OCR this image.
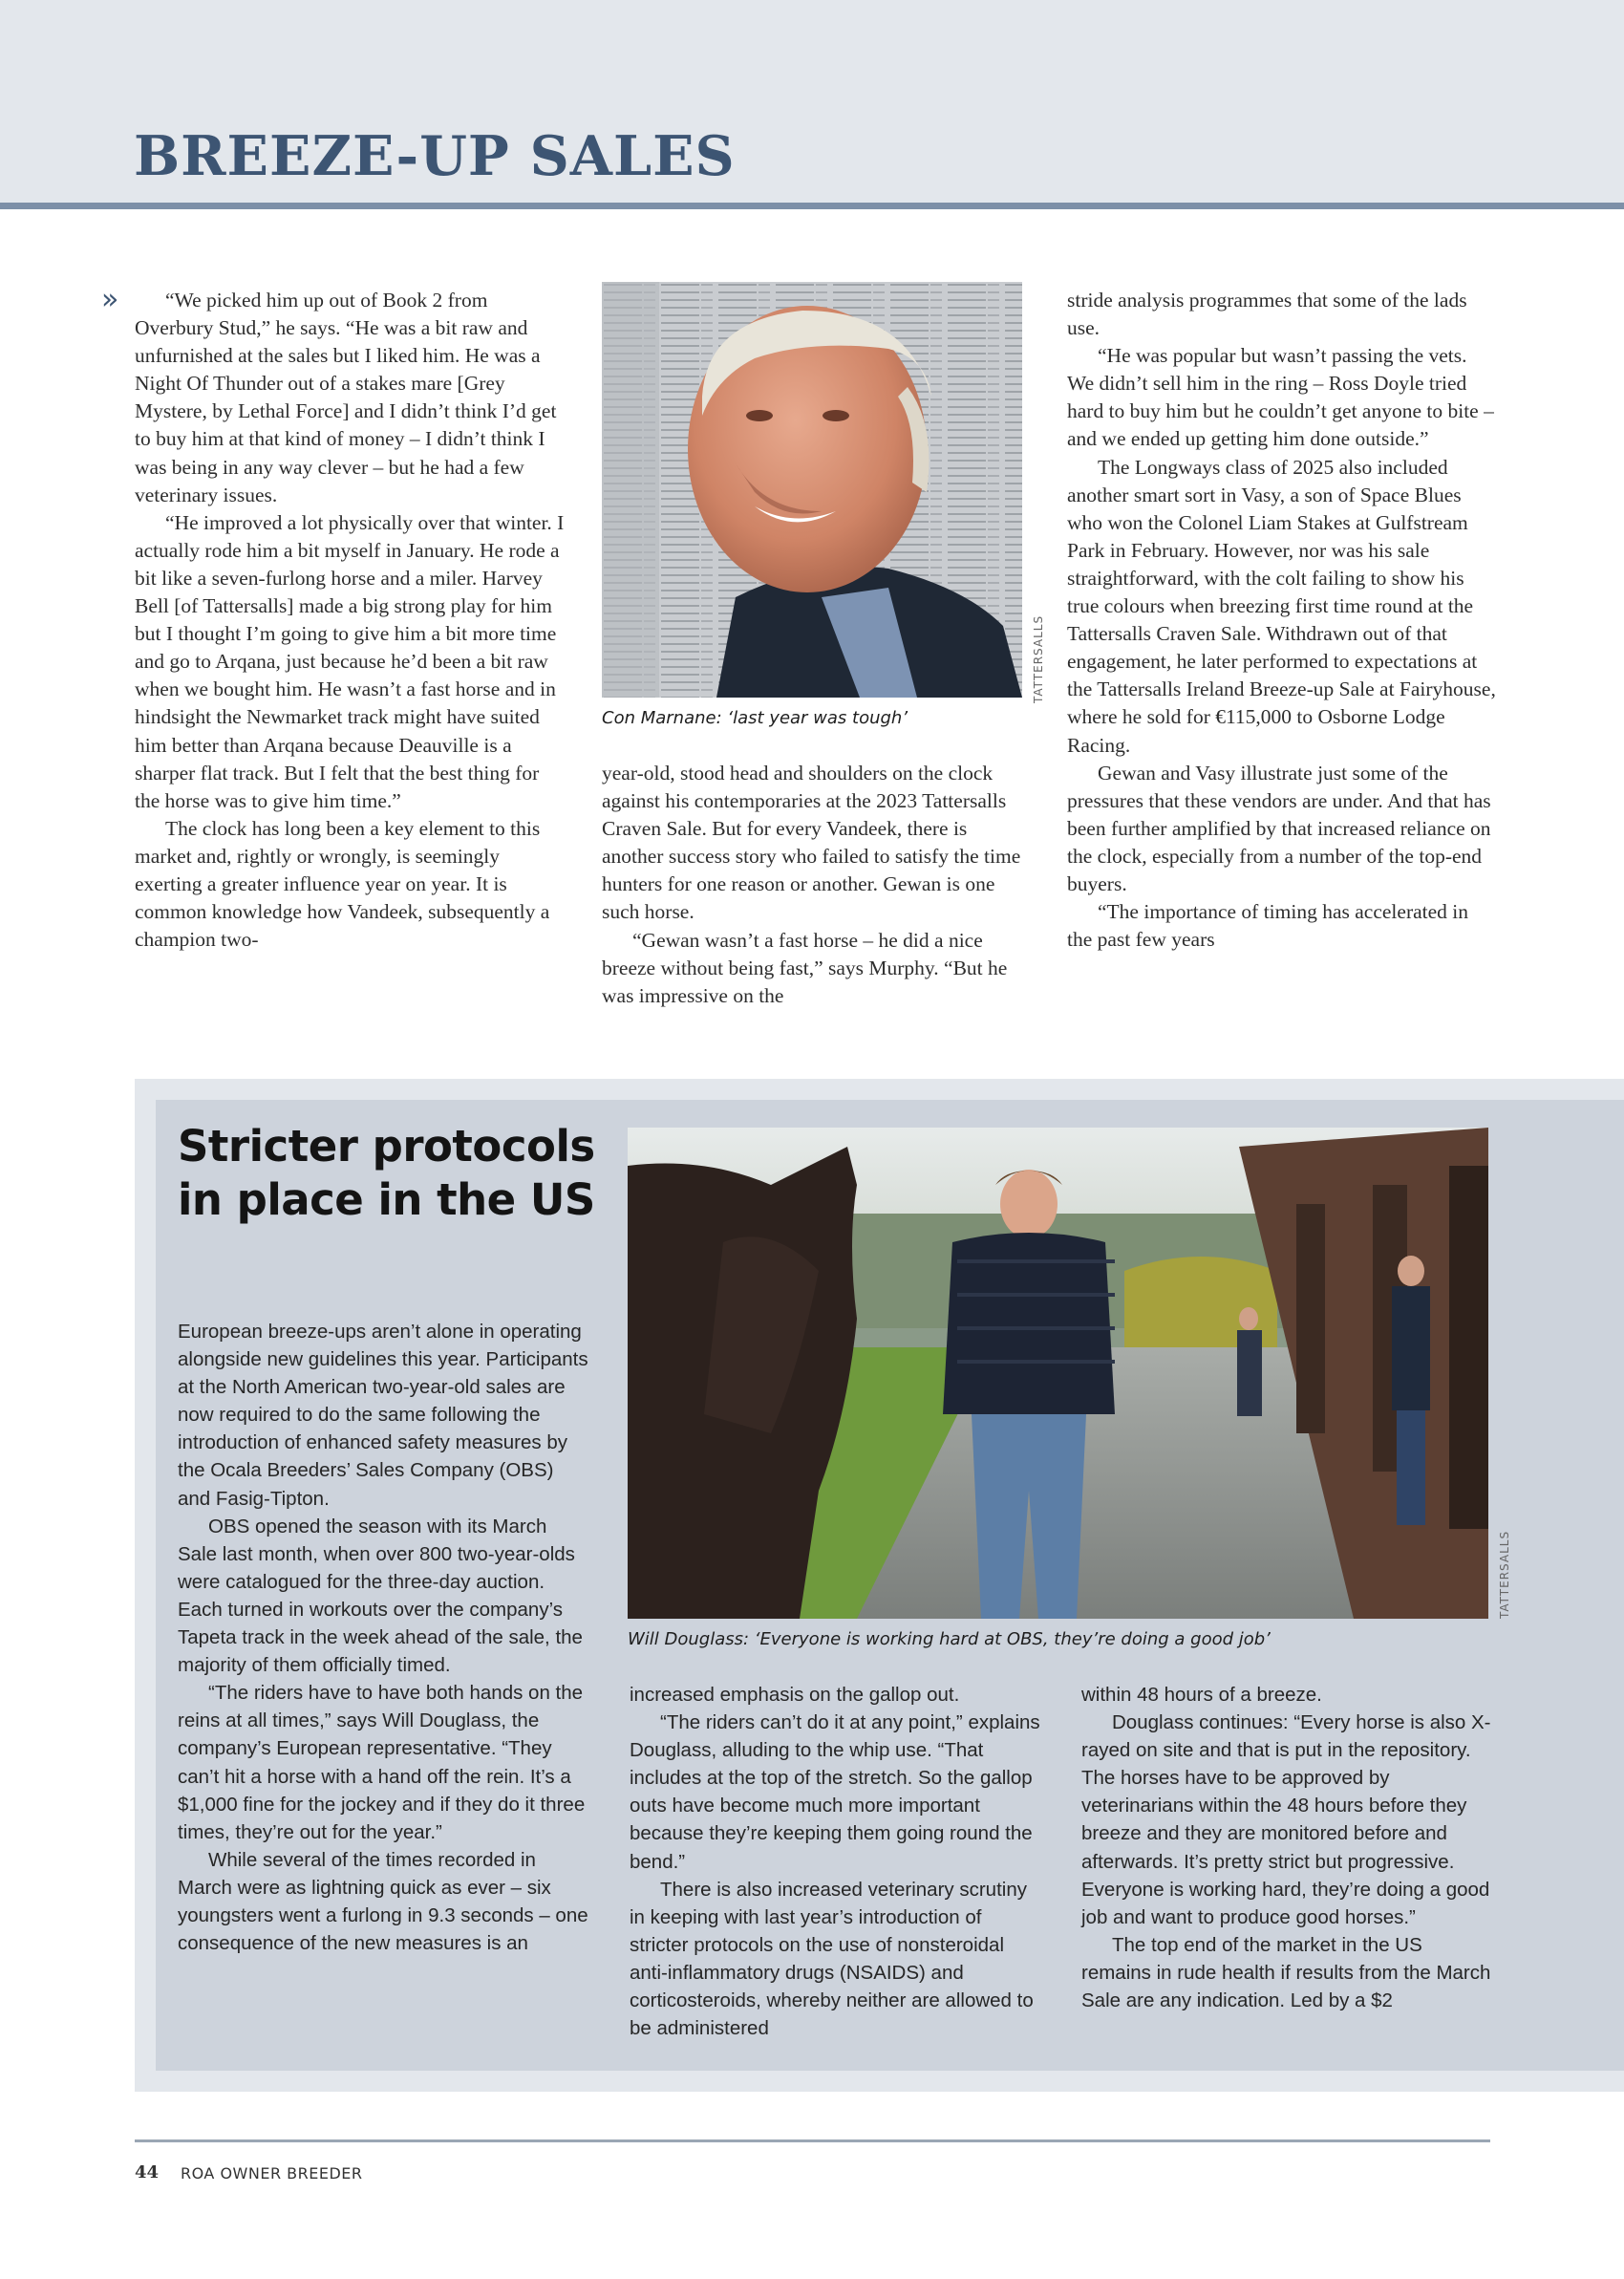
BREEZE-UP SALES
»	“We picked him up out of Book 2 from Overbury Stud,” he says. “He was a bit raw and unfurnished at the sales but I liked him. He was a Night Of Thunder out of a stakes mare [Grey Mystere, by Lethal Force] and I didn’t think I’d get to buy him at that kind of money – I didn’t think I was being in any way clever – but he had a few veterinary issues.

“He improved a lot physically over that winter. I actually rode him a bit myself in January. He rode a bit like a seven-furlong horse and a miler. Harvey Bell [of Tattersalls] made a big strong play for him but I thought I’m going to give him a bit more time and go to Arqana, just because he’d been a bit raw when we bought him. He wasn’t a fast horse and in hindsight the Newmarket track might have suited him better than Arqana because Deauville is a sharper flat track. But I felt that the best thing for the horse was to give him time.”

The clock has long been a key element to this market and, rightly or wrongly, is seemingly exerting a greater influence year on year. It is common knowledge how Vandeek, subsequently a champion two-

Con Marnane: ‘last year was tough’
TATTERSALLS

year-old, stood head and shoulders on the clock against his contemporaries at the 2023 Tattersalls Craven Sale. But for every Vandeek, there is another success story who failed to satisfy the time hunters for one reason or another. Gewan is one such horse.

“Gewan wasn’t a fast horse – he did a nice breeze without being fast,” says Murphy. “But he was impressive on the

stride analysis programmes that some of the lads use.

“He was popular but wasn’t passing the vets. We didn’t sell him in the ring – Ross Doyle tried hard to buy him but he couldn’t get anyone to bite – and we ended up getting him done outside.”

The Longways class of 2025 also included another smart sort in Vasy, a son of Space Blues who won the Colonel Liam Stakes at Gulfstream Park in February. However, nor was his sale straightforward, with the colt failing to show his true colours when breezing first time round at the Tattersalls Craven Sale. Withdrawn out of that engagement, he later performed to expectations at the Tattersalls Ireland Breeze-up Sale at Fairyhouse, where he sold for €115,000 to Osborne Lodge Racing.

Gewan and Vasy illustrate just some of the pressures that these vendors are under. And that has been further amplified by that increased reliance on the clock, especially from a number of the top-end buyers.

“The importance of timing has accelerated in the past few years

Stricter protocols in place in the US

European breeze-ups aren’t alone in operating alongside new guidelines this year. Participants at the North American two-year-old sales are now required to do the same following the introduction of enhanced safety measures by the Ocala Breeders’ Sales Company (OBS) and Fasig-Tipton.

OBS opened the season with its March Sale last month, when over 800 two-year-olds were catalogued for the three-day auction. Each turned in workouts over the company’s Tapeta track in the week ahead of the sale, the majority of them officially timed.

“The riders have to have both hands on the reins at all times,” says Will Douglass, the company’s European representative. “They can’t hit a horse with a hand off the rein. It’s a $1,000 fine for the jockey and if they do it three times, they’re out for the year.”

While several of the times recorded in March were as lightning quick as ever – six youngsters went a furlong in 9.3 seconds – one consequence of the new measures is an

Will Douglass: ‘Everyone is working hard at OBS, they’re doing a good job’
TATTERSALLS

increased emphasis on the gallop out.

“The riders can’t do it at any point,” explains Douglass, alluding to the whip use. “That includes at the top of the stretch. So the gallop outs have become much more important because they’re keeping them going round the bend.”

There is also increased veterinary scrutiny in keeping with last year’s introduction of stricter protocols on the use of nonsteroidal anti-inflammatory drugs (NSAIDS) and corticosteroids, whereby neither are allowed to be administered

within 48 hours of a breeze.

Douglass continues: “Every horse is also X-rayed on site and that is put in the repository. The horses have to be approved by veterinarians within the 48 hours before they breeze and they are monitored before and afterwards. It’s pretty strict but progressive. Everyone is working hard, they’re doing a good job and want to produce good horses.”

The top end of the market in the US remains in rude health if results from the March Sale are any indication. Led by a $2

44 ROA OWNER BREEDER
